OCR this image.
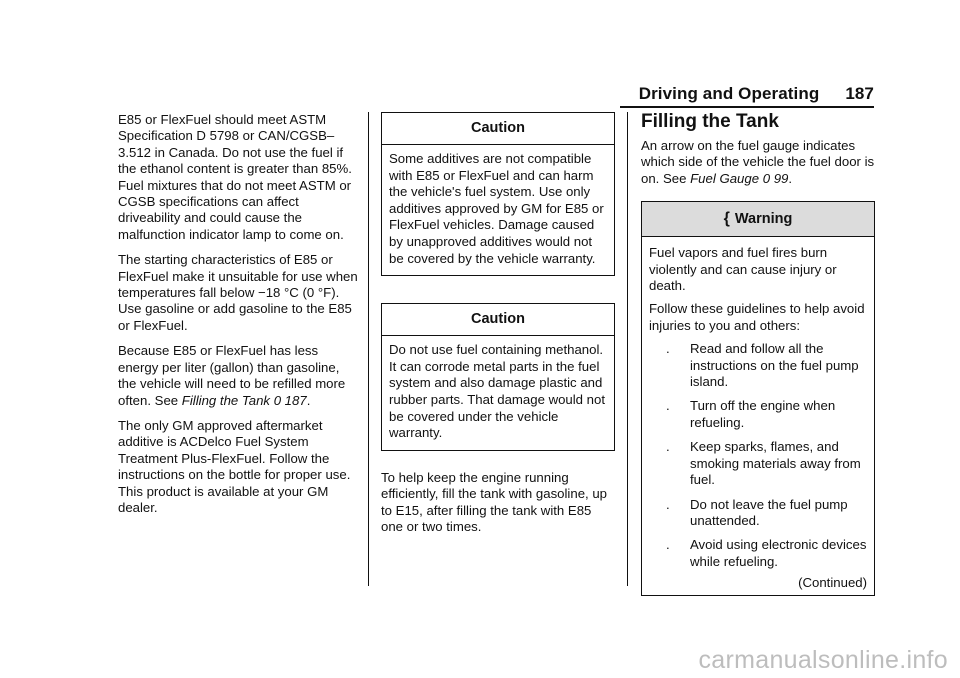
Driving and Operating 187

E85 or FlexFuel should meet ASTM Specification D 5798 or CAN/CGSB–3.512 in Canada. Do not use the fuel if the ethanol content is greater than 85%. Fuel mixtures that do not meet ASTM or CGSB specifications can affect driveability and could cause the malfunction indicator lamp to come on.

The starting characteristics of E85 or FlexFuel make it unsuitable for use when temperatures fall below −18 °C (0 °F). Use gasoline or add gasoline to the E85 or FlexFuel.

Because E85 or FlexFuel has less energy per liter (gallon) than gasoline, the vehicle will need to be refilled more often. See Filling the Tank 0 187.

The only GM approved aftermarket additive is ACDelco Fuel System Treatment Plus-FlexFuel. Follow the instructions on the bottle for proper use. This product is available at your GM dealer.

Caution

Some additives are not compatible with E85 or FlexFuel and can harm the vehicle's fuel system. Use only additives approved by GM for E85 or FlexFuel vehicles. Damage caused by unapproved additives would not be covered by the vehicle warranty.

Caution

Do not use fuel containing methanol. It can corrode metal parts in the fuel system and also damage plastic and rubber parts. That damage would not be covered under the vehicle warranty.

To help keep the engine running efficiently, fill the tank with gasoline, up to E15, after filling the tank with E85 one or two times.

Filling the Tank

An arrow on the fuel gauge indicates which side of the vehicle the fuel door is on. See Fuel Gauge 0 99.

{ Warning

Fuel vapors and fuel fires burn violently and can cause injury or death.

Follow these guidelines to help avoid injuries to you and others:

. Read and follow all the instructions on the fuel pump island.
. Turn off the engine when refueling.
. Keep sparks, flames, and smoking materials away from fuel.
. Do not leave the fuel pump unattended.
. Avoid using electronic devices while refueling.
(Continued)
carmanualsonline.info
